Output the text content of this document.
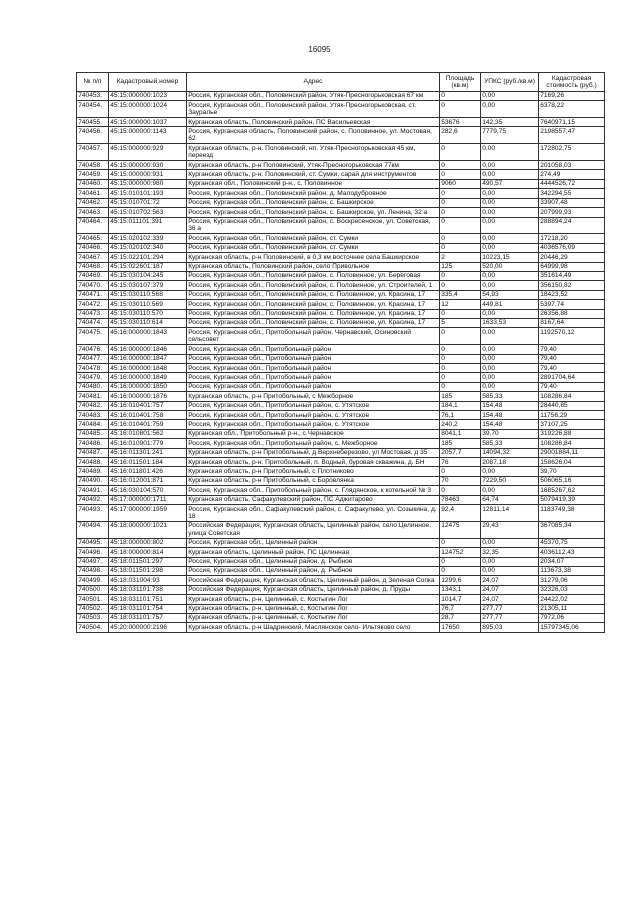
16095
№ п/п	Кадастровый номер	Адрес	Площадь (кв.м)	УПКС (руб./кв.м)	Кадастровая стоимость (руб.)
740453.	45:15:000000:1023	Россия, Курганская обл., Половинский район, Утяк-Пресногорьковская 67 км	0	0,00	7169,26
740454.	45:15:000000:1024	Россия, Курганская обл., Половинский район, Утяк-Пресногорьковская, ст. Зауралье	0	0,00	6378,22
740455.	45:15:000000:1037	Курганская область, Половинский район, ПС Васильевская	53676	142,35	7640971,15
740456.	45:15:000000:1143	Россия, Курганская область, Половинский район, с. Половинное, ул. Мостовая, 62	282,6	7779,75	2198557,47
740457.	45:15:000000:929	Курганская область, р-н. Половинский, нп. Утяк-Пресногорьковская 45 км, переезд	0	0,00	172802,75
740458.	45:15:000000:930	Курганская область, р-н Половинский, Утяк-Пресногорьковская 77км	0	0,00	201058,03
740459.	45:15:000000:931	Курганская область, р-н. Половинский, ст. Сумки, сарай для инструментов	0	0,00	274,49
740460.	45:15:000000:980	Курганская обл., Половинский р-н., с. Половинное	9060	490,57	4444526,72
740461.	45:15:010101:193	Россия, Курганская обл., Половинский район, д. Малодубровное	0	0,00	342294,55
740462.	45:15:010701:72	Россия, Курганская обл., Половинский район, с. Башкирское	0	0,00	33907,48
740463.	45:15:010702:563	Россия, Курганская обл., Половинский район, с. Башкирское, ул. Ленина, 32 а	0	0,00	207999,93
740464.	45:15:011101:391	Россия, Курганская обл., Половинский район, с. Воскресенское, ул. Советская, 36 а	0	0,00	288894,24
740465.	45:15:020102:339	Россия, Курганская обл., Половинский район, ст. Сумки	0	0,00	17218,20
740466.	45:15:020102:340	Россия, Курганская обл., Половинский район, ст. Сумки	0	0,00	4036576,09
740467.	45:15:022101:294	Курганская область, р-н Половинский, в 0,3 км восточнее села Башкирское	2	10223,15	20446,29
740468.	45:15:022601:187	Курганская область, Половинский район, село Привольное	125	520,00	64999,98
740469.	45:15:030104:245	Россия, Курганская обл., Половинский район, с. Половинное, ул. Береговая	0	0,00	351614,49
740470.	45:15:030107:379	Россия, Курганская обл., Половинский район, с. Половинное, ул. Строителей, 1	0	0,00	356150,82
740471.	45:15:030110:568	Россия, Курганская обл., Половинский район, с. Половинное, ул. Красина, 17	335,4	54,93	18423,52
740472.	45:15:030110:569	Россия, Курганская обл., Половинский район, с. Половинное, ул. Красина, 17	12	449,81	5397,74
740473.	45:15:030110:570	Россия, Курганская обл., Половинский район, с. Половинное, ул. Красина, 17	0	0,00	26356,88
740474.	45:15:030110:614	Россия, Курганская обл., Половинский район, с. Половинное, ул. Красина, 17	5	1633,53	8167,64
740475.	45:16:000000:1843	Россия, Курганская обл., Притобольный район, Чернавский, Осиновский сельсовет	0	0,00	1192570,12
740476.	45:16:000000:1846	Россия, Курганская обл., Притобольный район	0	0,00	79,40
740477.	45:16:000000:1847	Россия, Курганская обл., Притобольный район	0	0,00	79,40
740478.	45:16:000000:1848	Россия, Курганская обл., Притобольный район	0	0,00	79,40
740479.	45:16:000000:1849	Россия, Курганская обл., Притобольный район	0	0,00	2891704,64
740480.	45:16:000000:1850	Россия, Курганская обл., Притобольный район	0	0,00	79,40
740481.	45:16:000000:1876	Курганская область, р-н Притобольный, с Межборное	185	585,33	108286,84
740482.	45:16:010401:757	Россия, Курганская обл., Притобольный район, с. Утятское	184,1	154,48	28440,65
740483.	45:16:010401:758	Россия, Курганская обл., Притобольный район, с. Утятское	76,1	154,48	11756,29
740484.	45:16:010401:759	Россия, Курганская обл., Притобольный район, с. Утятское	240,2	154,48	37107,25
740485.	45:16:010801:562	Курганская обл., Притобольный р-н., с.Чернавское	8041,1	39,70	319226,88
740486.	45:16:010901:779	Россия, Курганская обл., Притобольный район, с. Межборное	185	585,33	108286,84
740487.	45:16:011301:241	Курганская область, р-н Притобольный, д Верхнеберезово, ул Мостовая, д 35	2057,7	14094,32	29001884,11
740488.	45:16:011501:184	Курганская область, р-н. Притобольный, п. Водный, буровая скважина, д. БН	76	2087,18	158626,04
740489.	45:16:011801:426	Курганская область, р-н Притобольный, с Плотниково	0	0,00	39,70
740490.	45:16:012001:871	Курганская область, р-н Притобольный, с Боровлянка	70	7229,50	506065,16
740491.	45:16:030104:570	Россия, Курганская обл., Притобольный район, с. Глядянское, к котельной № 3	0	0,00	1685267,62
740492.	45:17:000000:1711	Курганская область, Сафакулевский район, ПС Аджитарово	78463	64,74	5079419,39
740493.	45:17:000000:1959	Россия, Курганская обл., Сафакулевский район, с. Сафакулево, ул. Созыкина, д. 18	92,4	12811,14	1183749,38
740494.	45:18:000000:1021	Российская Федерация, Курганская область, Целинный район, село Целинное, улица Советская	12475	29,43	367085,34
740495.	45:18:000000:802	Россия, Курганская обл., Целинный район	0	0,00	45370,75
740496.	45:18:000000:814	Курганская область, Целинный район, ПС Целинная	124752	32,35	4036112,43
740497.	45:18:011501:297	Россия, Курганская обл., Целинный район, д. Рыбное	0	0,00	2034,07
740498.	45:18:011501:298	Россия, Курганская обл., Целинный район, д. Рыбное	0	0,00	113673,38
740499.	45:18:031004:93	Российская Федерация, Курганская область, Целинный район, д Зеленая Сопка	1299,6	24,07	31279,06
740500.	45:18:031101:738	Российская Федерация, Курганская область, Целинный район, д. Пруды	1343,1	24,07	32326,03
740501.	45:18:031101:751	Курганская область, р-н. Целинный, с. Костыгин Лог	1014,7	24,07	24422,02
740502.	45:18:031101:754	Курганская область, р-н. Целинный, с. Костыгин Лог	76,7	277,77	21305,11
740503.	45:18:031101:757	Курганская область, р-н. Целинный, с. Костыгин Лог	28,7	277,77	7972,06
740504.	45:20:000000:2196	Курганская область, р-н Шадринский, Маслянское село- Ильтяково село	17650	895,03	15797345,06
